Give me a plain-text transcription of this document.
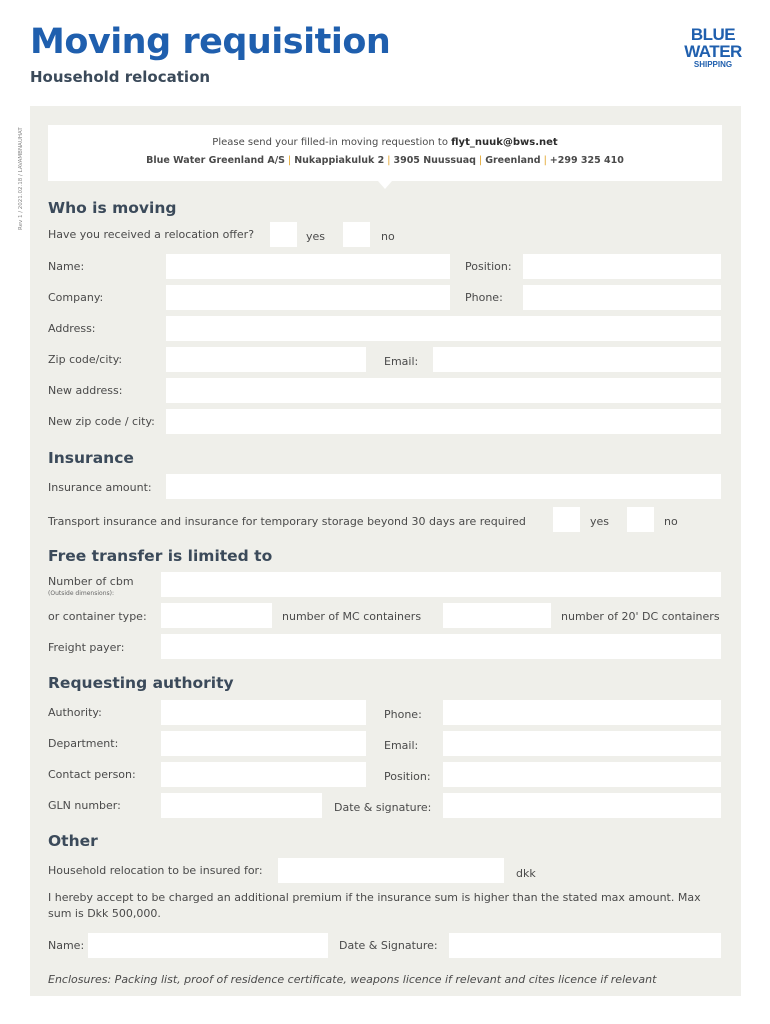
Moving requisition
Household relocation
BLUE
WATER
SHIPPING
Rev 1 / 2021.02.18 / LAVAMBNAUHAT	Please send your filled-in moving requestion to flyt_nuuk@bws.net
Blue Water Greenland A/S | Nukappiakuluk 2 | 3905 Nuussuaq | Greenland | +299 325 410
Who is moving
Have you received a relocation offer?	yes	no
Name:	Position:
Company:	Phone:
Address:
Zip code/city:	Email:
New address:
New zip code / city:
Insurance
Insurance amount:
Transport insurance and insurance for temporary storage beyond 30 days are required	yes	no
Free transfer is limited to
Number of cbm
(Outside dimensions):
or container type:	number of MC containers	number of 20' DC containers
Freight payer:
Requesting authority
Authority:	Phone:
Department:	Email:
Contact person:	Position:
GLN number:	Date & signature:
Other
Household relocation to be insured for:	dkk
I hereby accept to be charged an additional premium if the insurance sum is higher than the stated max amount. Max sum is Dkk 500,000.
Name:	Date & Signature:
Enclosures: Packing list, proof of residence certificate, weapons licence if relevant and cites licence if relevant
